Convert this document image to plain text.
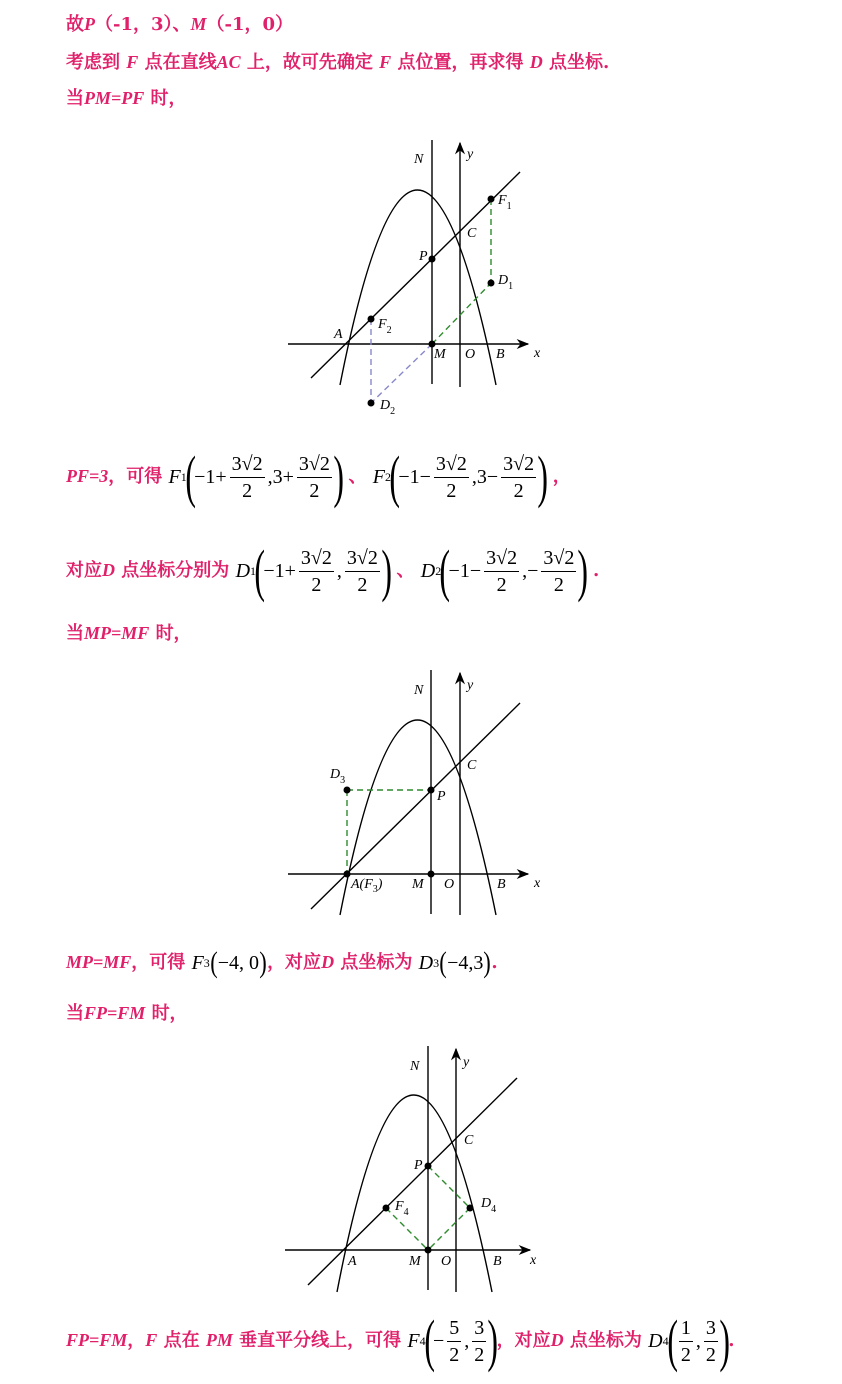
故P（-1，3）、M（-1，0）
考虑到 F 点在直线AC 上，故可先确定 F 点位置，再求得 D 点坐标.
当PM=PF 时，
N	y
x
A
B
C
O
M
P
$F_1$
$D_1$
$F_2$
$D_2$
N	y
x
$A(F_3)$	B
C
O
M
P
$D_3$
N	y
x
A	B
C
O
M
P
$F_4$
$D_4$
PF=3，可得 F 1
(
$-1+ \frac{3√2}{2} ,3+ \frac{3√2}{2}$ ) 、 F 2
(
$-1- \frac{3√2}{2} ,3- \frac{3√2}{2}$ ) ，
对应D 点坐标分别为 D 1
(
$-1+ \frac{3√2}{2}$ , $\frac{3√2}{2}$ ) 、 D 2
(
$-1- \frac{3√2}{2}$ ,− $\frac{3√2}{2}$ ) .
当MP=MF 时，
MP=MF，可得 F 3 ( −4, 0 ) ，对应D 点坐标为 D 3 ( −4,3 ) .
当FP=FM 时，
FP=FM，F 点在 PM 垂直平分线上，可得 F 4
(
− $\frac{5}{2}$ , $\frac{3}{2}$ )
，对应D 点坐标为 D 4
( $\frac{1}{2}$ , $\frac{3}{2}$ )
.
